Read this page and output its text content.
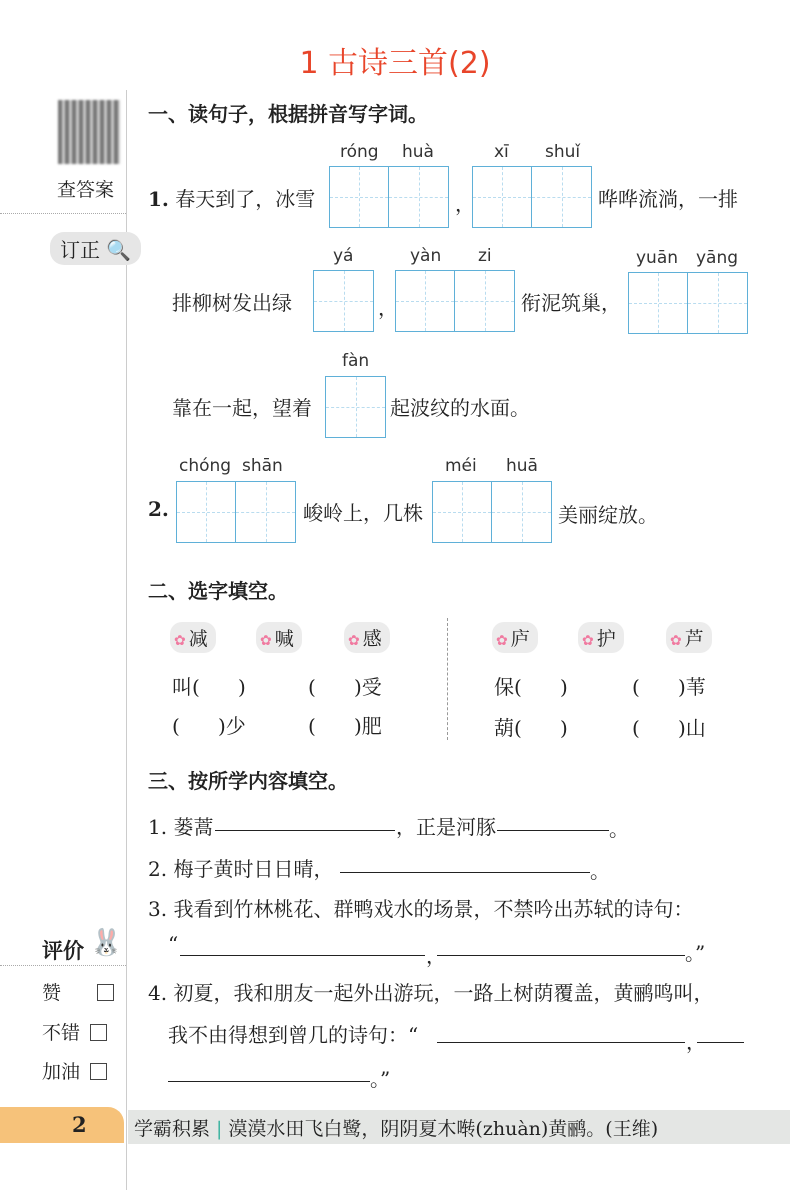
1 古诗三首(2)
查答案
订正 🔍
一、读句子，根据拼音写字词。
1. 春天到了，冰雪
róng huà
，
xī shuǐ
哗哗流淌，一排
排柳树发出绿
yá
，
yàn zi
衔泥筑巢，
yuān yāng
靠在一起，望着
fàn
起波纹的水面。
2.
chóng shān
峻岭上，几株
méi huā
美丽绽放。
二、选字填空。
✿ 减	✿ 喊	✿ 感	✿ 庐	✿ 护	✿ 芦
叫(      )	(      )受
(      )少	(      )肥
保(      )	(      )苇
葫(      )	(      )山
三、按所学内容填空。
1. 蒌蒿	，正是河豚	。
2. 梅子黄时日日晴，	。
3. 我看到竹林桃花、群鸭戏水的场景，不禁吟出苏轼的诗句：
“	，	。”
4. 初夏，我和朋友一起外出游玩，一路上树荫覆盖，黄鹂鸣叫，
我不由得想到曾几的诗句：“	，
。”
评价 🐰
赞
不错
加油
2 学霸积累 | 漠漠水田飞白鹭，阴阴夏木啭(zhuàn)黄鹂。(王维)
